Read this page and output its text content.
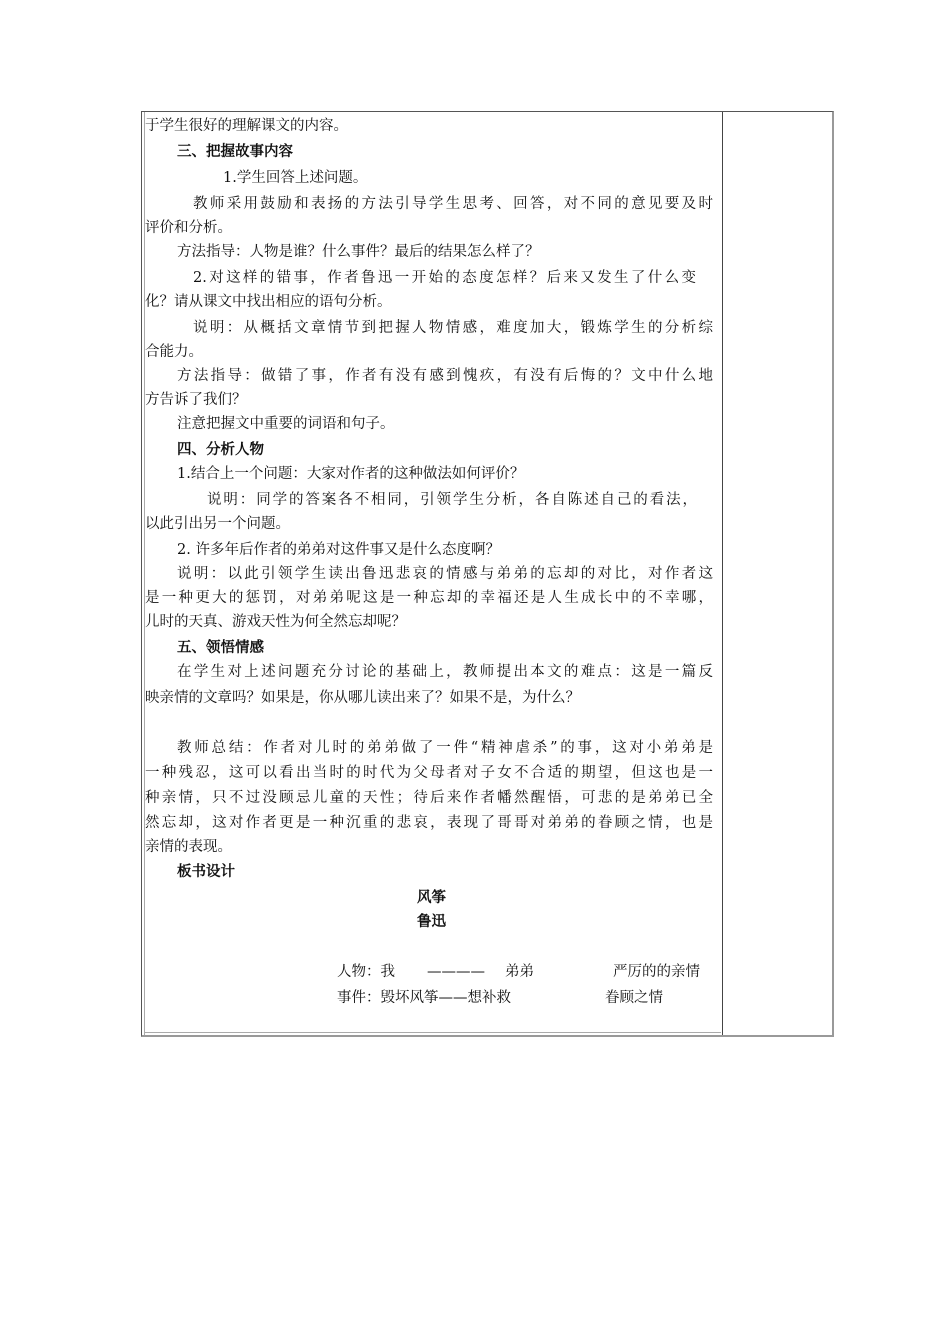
于学生很好的理解课文的内容。
三、把握故事内容
1.学生回答上述问题。
教师采用鼓励和表扬的方法引导学生思考、回答，对不同的意见要及时
评价和分析。
方法指导：人物是谁？什么事件？最后的结果怎么样了？
2.对这样的错事，作者鲁迅一开始的态度怎样？后来又发生了什么变
化？请从课文中找出相应的语句分析。
说明：从概括文章情节到把握人物情感，难度加大，锻炼学生的分析综
合能力。
方法指导：做错了事，作者有没有感到愧疚，有没有后悔的？文中什么地
方告诉了我们？
注意把握文中重要的词语和句子。
四、分析人物
1.结合上一个问题：大家对作者的这种做法如何评价？
说明：同学的答案各不相同，引领学生分析，各自陈述自己的看法，
以此引出另一个问题。
2. 许多年后作者的弟弟对这件事又是什么态度啊？
说明：以此引领学生读出鲁迅悲哀的情感与弟弟的忘却的对比，对作者这
是一种更大的惩罚，对弟弟呢这是一种忘却的幸福还是人生成长中的不幸哪，
儿时的天真、游戏天性为何全然忘却呢？
五、领悟情感
在学生对上述问题充分讨论的基础上，教师提出本文的难点：这是一篇反
映亲情的文章吗？如果是，你从哪儿读出来了？如果不是，为什么？
教师总结：作者对儿时的弟弟做了一件“精神虐杀”的事，这对小弟弟是
一种残忍，这可以看出当时的时代为父母者对子女不合适的期望，但这也是一
种亲情，只不过没顾忌儿童的天性；待后来作者幡然醒悟，可悲的是弟弟已全
然忘却，这对作者更是一种沉重的悲哀，表现了哥哥对弟弟的眷顾之情，也是
亲情的表现。
板书设计
风筝
鲁迅
人物：我 ———— 弟弟	严厉的的亲情
事件：毁坏风筝——想补救	眷顾之情
